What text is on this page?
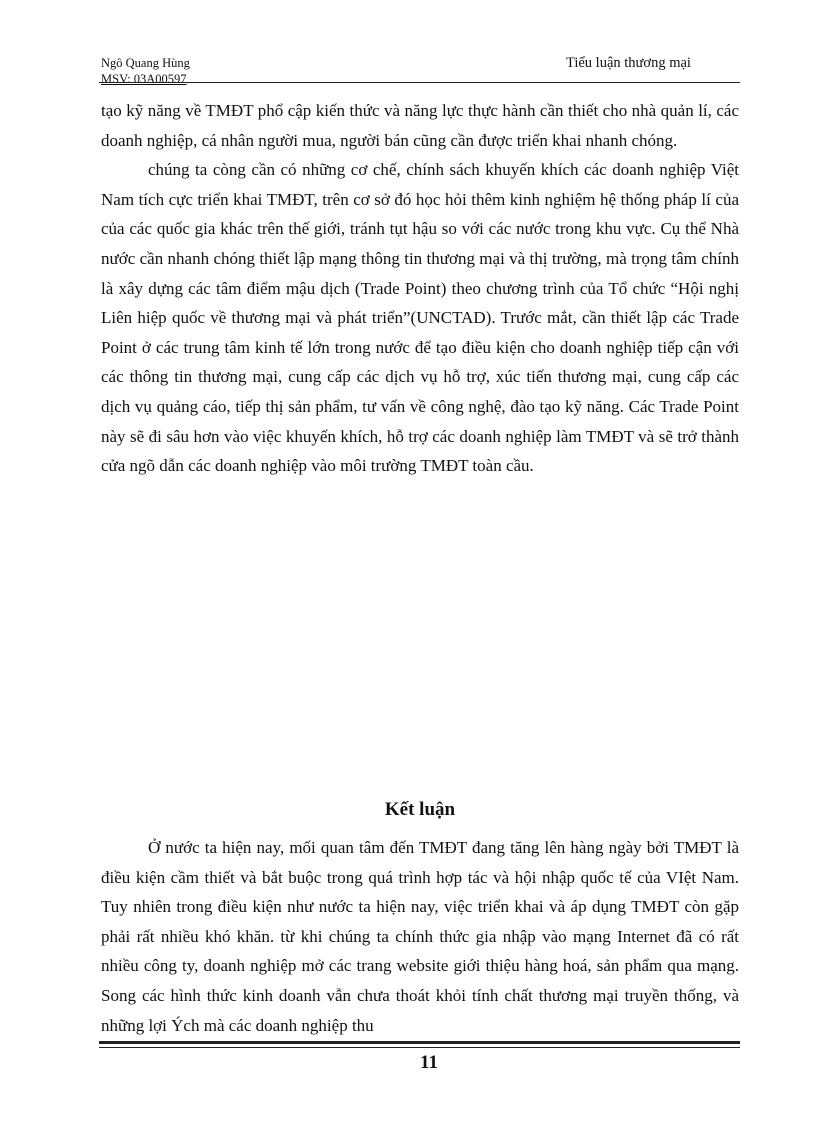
Ngô Quang Hùng
MSV: 03A00597
Tiểu luận thương mại

tạo kỹ năng về TMĐT phổ cập kiến thức và năng lực thực hành cần thiết cho nhà quản lí, các doanh nghiệp, cá nhân người mua, người bán cũng cần được triển khai nhanh chóng.

chúng ta còng cần có những cơ chế, chính sách khuyến khích các doanh nghiệp Việt Nam tích cực triển khai TMĐT, trên cơ sở đó học hỏi thêm kinh nghiệm hệ thống pháp lí của của các quốc gia khác trên thế giới, tránh tụt hậu so với các nước trong khu vực. Cụ thể Nhà nước cần nhanh chóng thiết lập mạng thông tin thương mại và thị trường, mà trọng tâm chính là xây dựng các tâm điểm mậu dịch (Trade Point) theo chương trình của Tổ chức “Hội nghị Liên hiệp quốc về thương mại và phát triển”(UNCTAD). Trước mắt, cần thiết lập các Trade Point ở các trung tâm kinh tế lớn trong nước để tạo điều kiện cho doanh nghiệp tiếp cận với các thông tin thương mại, cung cấp các dịch vụ hỗ trợ, xúc tiến thương mại, cung cấp các dịch vụ quảng cáo, tiếp thị sản phẩm, tư vấn về công nghệ, đào tạo kỹ năng. Các Trade Point này sẽ đi sâu hơn vào việc khuyến khích, hỗ trợ các doanh nghiệp làm TMĐT và sẽ trở thành cửa ngõ dẫn các doanh nghiệp vào môi trường TMĐT toàn cầu.

Kết luận

Ở nước ta hiện nay, mối quan tâm đến TMĐT đang tăng lên hàng ngày bởi TMĐT là điều kiện cầm thiết và bắt buộc trong quá trình hợp tác và hội nhập quốc tế của VIệt Nam. Tuy nhiên trong điều kiện như nước ta hiện nay, việc triển khai và áp dụng TMĐT còn gặp phải rất nhiều khó khăn. từ khi chúng ta chính thức gia nhập vào mạng Internet đã có rất nhiều công ty, doanh nghiệp mở các trang website giới thiệu hàng hoá, sản phẩm qua mạng. Song các hình thức kinh doanh vẫn chưa thoát khỏi tính chất thương mại truyền thống, và những lợi Ých mà các doanh nghiệp thu

11
